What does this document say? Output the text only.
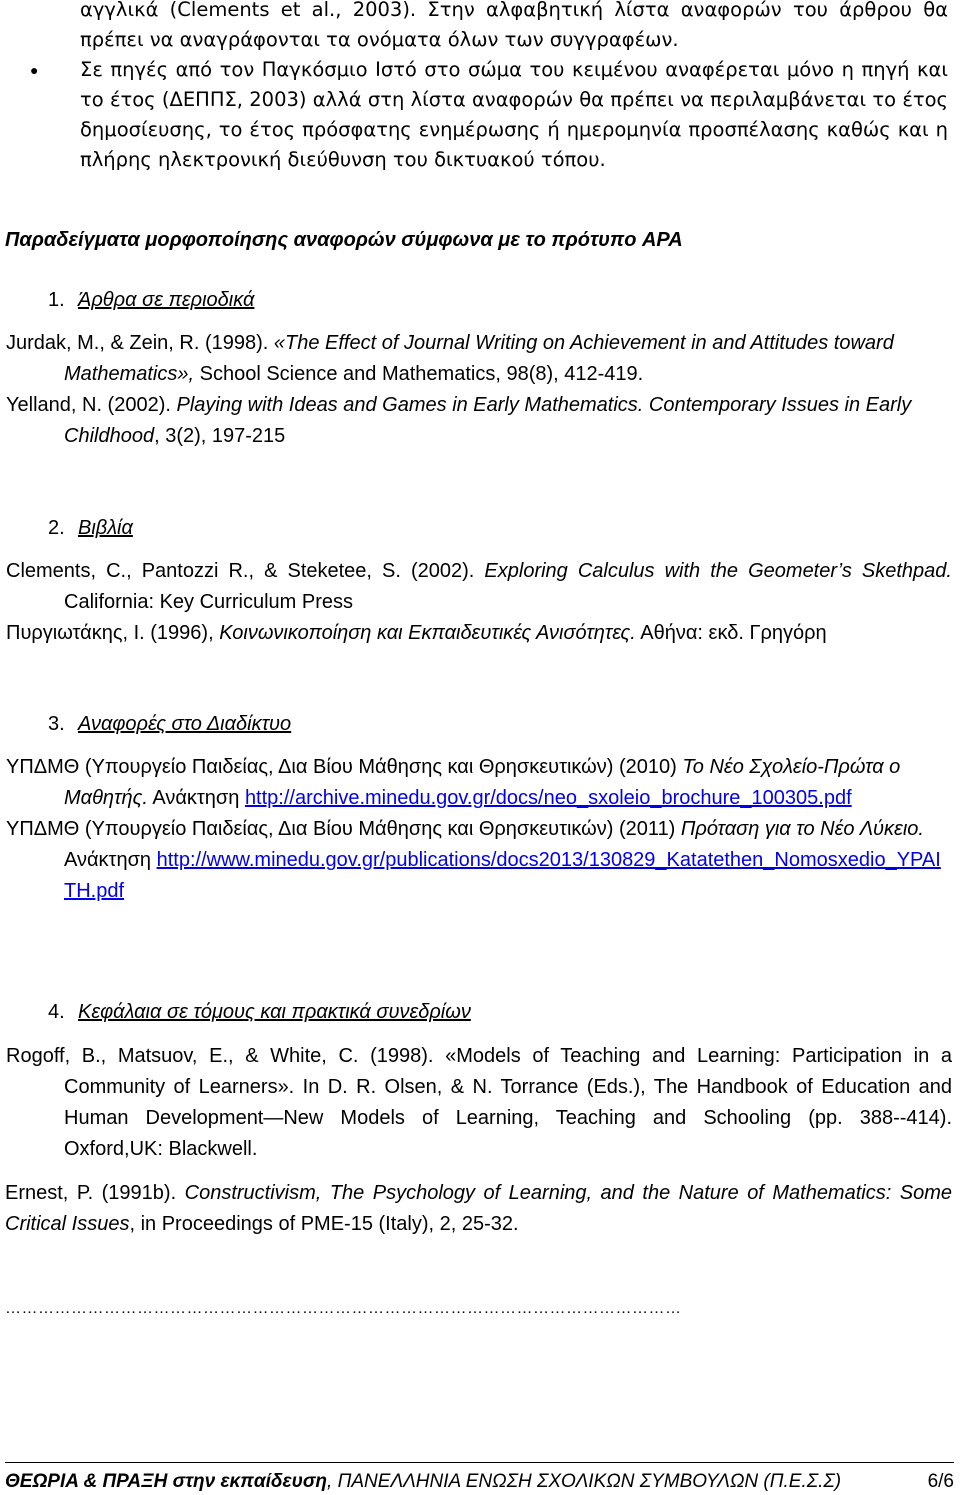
αγγλικά (Clements et al., 2003). Στην αλφαβητική λίστα αναφορών του άρθρου θα

πρέπει να αναγράφονται τα ονόματα όλων των συγγραφέων.

● Σε πηγές από τον Παγκόσμιο Ιστό στο σώμα του κειμένου αναφέρεται μόνο η πηγή και το έτος (ΔΕΠΠΣ, 2003) αλλά στη λίστα αναφορών θα πρέπει να περιλαμβάνεται το έτος δημοσίευσης, το έτος πρόσφατης ενημέρωσης ή ημερομηνία προσπέλασης καθώς και η πλήρης ηλεκτρονική διεύθυνση του δικτυακού τόπου.

Παραδείγματα μορφοποίησης αναφορών σύμφωνα με το πρότυπο APA

1. Άρθρα σε περιοδικά

Jurdak, M., & Zein, R. (1998). «The Effect of Journal Writing on Achievement in and Attitudes toward Mathematics», School Science and Mathematics, 98(8), 412-419.

Yelland, N. (2002). Playing with Ideas and Games in Early Mathematics. Contemporary Issues in Early Childhood, 3(2), 197-215

2. Βιβλία

Clements, C., Pantozzi R., & Steketee, S. (2002). Exploring Calculus with the Geometer’s Skethpad. California: Key Curriculum Press

Πυργιωτάκης, Ι. (1996), Κοινωνικοποίηση και Εκπαιδευτικές Ανισότητες. Αθήνα: εκδ. Γρηγόρη

3. Αναφορές στο Διαδίκτυο

ΥΠΔΜΘ (Υπουργείο Παιδείας, Δια Βίου Μάθησης και Θρησκευτικών) (2010) Το Νέο Σχολείο-Πρώτα ο Μαθητής. Ανάκτηση http://archive.minedu.gov.gr/docs/neo_sxoleio_brochure_100305.pdf

ΥΠΔΜΘ (Υπουργείο Παιδείας, Δια Βίου Μάθησης και Θρησκευτικών) (2011) Πρόταση για το Νέο Λύκειο. Ανάκτηση http://www.minedu.gov.gr/publications/docs2013/130829_Katatethen_Nomosxedio_YPAITH.pdf

4. Κεφάλαια σε τόμους και πρακτικά συνεδρίων

Rogoff, B., Matsuov, E., & White, C. (1998). «Models of Teaching and Learning: Participation in a Community of Learners». In D. R. Olsen, & N. Torrance (Eds.), The Handbook of Education and Human Development—New Models of Learning, Teaching and Schooling (pp. 388--414). Oxford,UK: Blackwell.

Ernest, P. (1991b). Constructivism, The Psychology of Learning, and the Nature of Mathematics: Some Critical Issues, in Proceedings of PME-15 (Italy), 2, 25-32.

……………………………………………………………………………………………………………
ΘΕΩΡΙΑ & ΠΡΑΞΗ στην εκπαίδευση, ΠΑΝΕΛΛΗΝΙΑ ΕΝΩΣΗ ΣΧΟΛΙΚΩΝ ΣΥΜΒΟΥΛΩΝ (Π.Ε.Σ.Σ)	6/6
